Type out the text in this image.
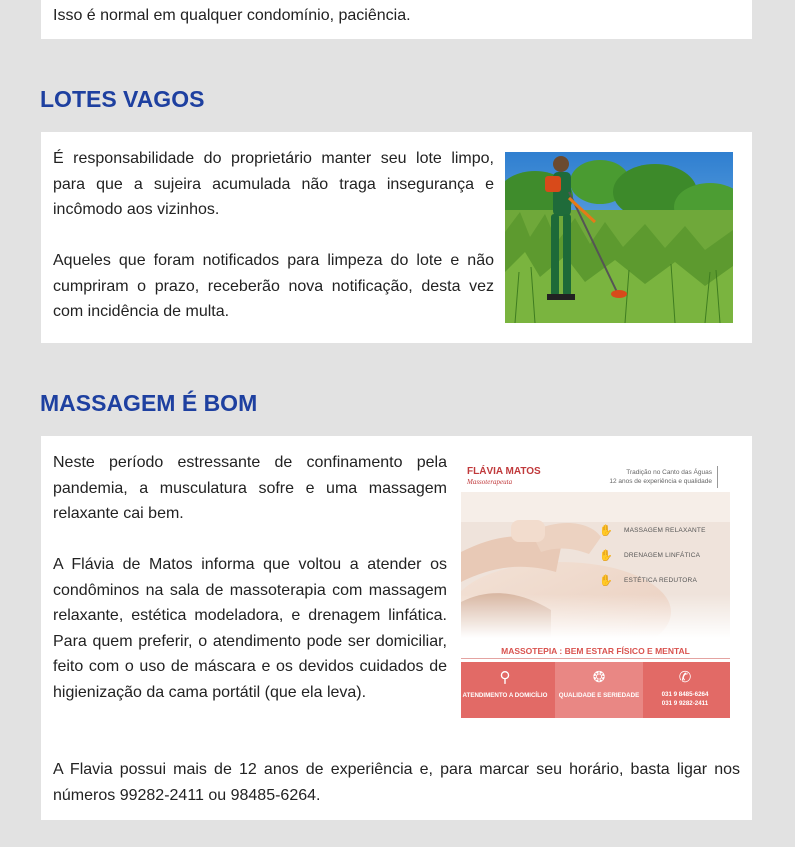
Isso é normal em qualquer condomínio, paciência.

LOTES VAGOS

É responsabilidade do proprietário manter seu lote limpo, para que a sujeira acumulada não traga insegurança e incômodo aos vizinhos.

Aqueles que foram notificados para limpeza do lote e não cumpriram o prazo, receberão nova notificação, desta vez com incidência de multa.

MASSAGEM É BOM

Neste período estressante de confinamento pela pandemia, a musculatura sofre e uma massagem relaxante cai bem.

A Flávia de Matos informa que voltou a atender os condôminos na sala de massoterapia com massagem relaxante, estética modeladora, e drenagem linfática. Para quem preferir, o atendimento pode ser domiciliar, feito com o uso de máscara e os devidos cuidados de higienização da cama portátil (que ela leva).

FLÁVIA MATOS
Massoterapeuta
Tradição no Canto das Águas
12 anos de experiência e qualidade
✋ MASSAGEM RELAXANTE
✋ DRENAGEM LINFÁTICA
✋ ESTÉTICA REDUTORA
MASSOTEPIA : BEM ESTAR FÍSICO E MENTAL
⚲
ATENDIMENTO A DOMICÍLIO
❂
QUALIDADE E SERIEDADE
✆
031 9 8485-6264
031 9 9282-2411

A Flavia possui mais de 12 anos de experiência e, para marcar seu horário, basta ligar nos números 99282-2411 ou 98485-6264.
